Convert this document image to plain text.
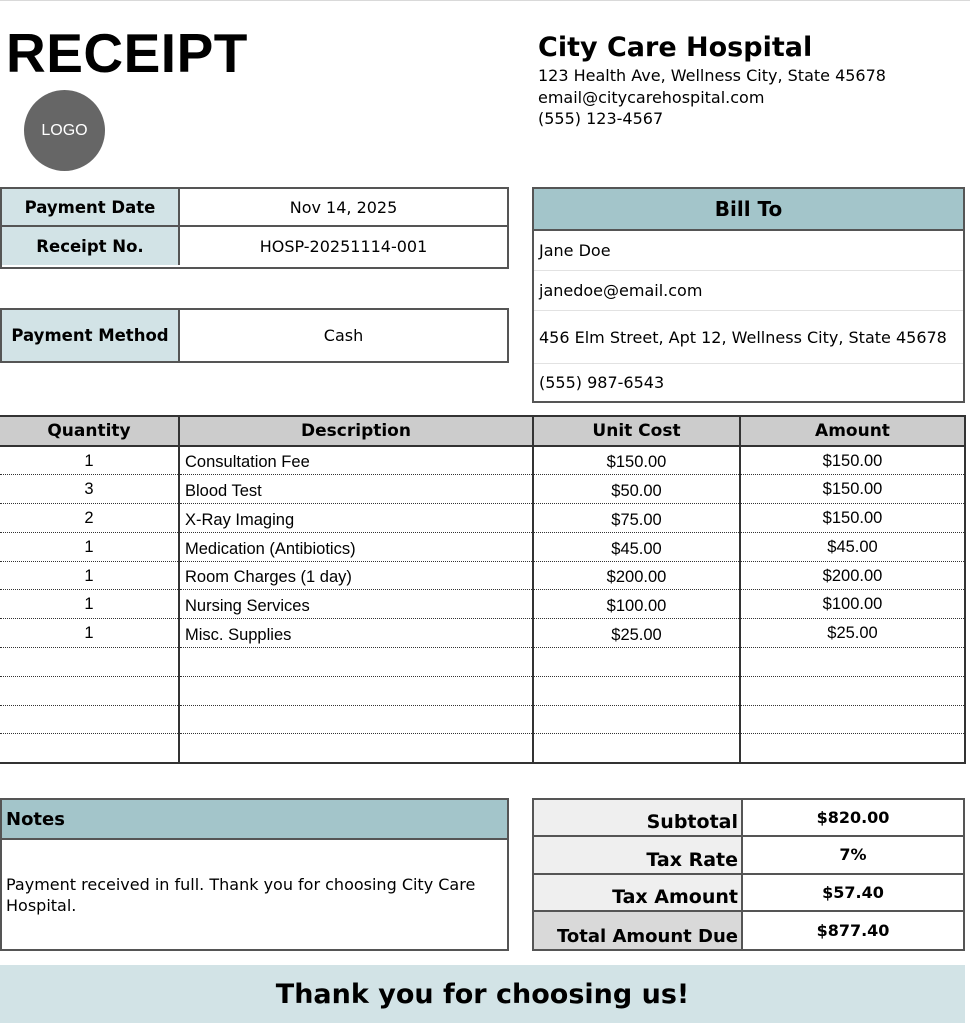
RECEIPT
LOGO
City Care Hospital
123 Health Ave, Wellness City, State 45678
email@citycarehospital.com
(555) 123-4567
Payment Date	Nov 14, 2025
Receipt No.	HOSP-20251114-001
Payment Method	Cash
Bill To
Jane Doe
janedoe@email.com
456 Elm Street, Apt 12, Wellness City, State 45678
(555) 987-6543
Quantity	Description	Unit Cost	Amount
1	Consultation Fee	$150.00	$150.00
3	Blood Test	$50.00	$150.00
2	X-Ray Imaging	$75.00	$150.00
1	Medication (Antibiotics)	$45.00	$45.00
1	Room Charges (1 day)	$200.00	$200.00
1	Nursing Services	$100.00	$100.00
1	Misc. Supplies	$25.00	$25.00

Notes
Payment received in full. Thank you for choosing City Care Hospital.
Subtotal	$820.00
Tax Rate	7%
Tax Amount	$57.40
Total Amount Due	$877.40
Thank you for choosing us!
